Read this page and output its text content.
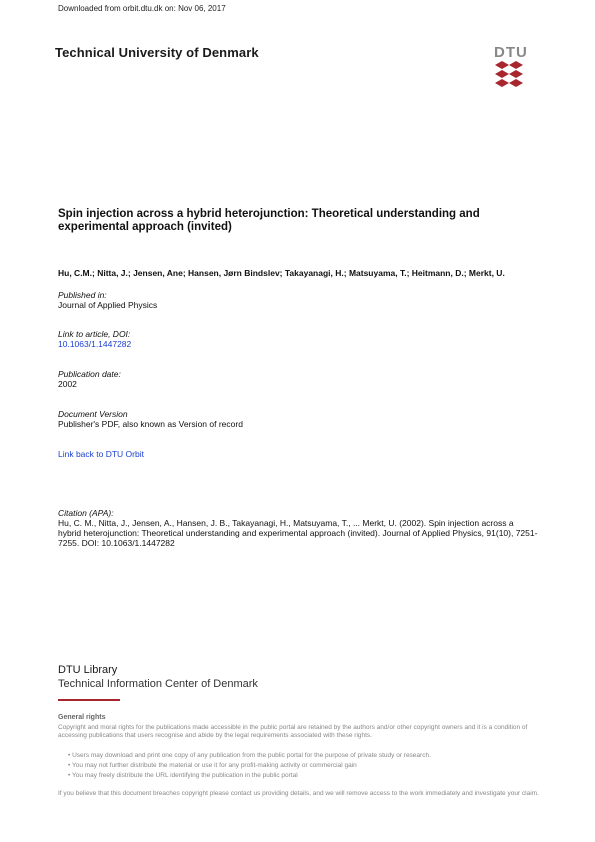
Downloaded from orbit.dtu.dk on: Nov 06, 2017
Technical University of Denmark	DTU
Spin injection across a hybrid heterojunction: Theoretical understanding and experimental approach (invited)
Hu, C.M.; Nitta, J.; Jensen, Ane; Hansen, Jørn Bindslev; Takayanagi, H.; Matsuyama, T.; Heitmann, D.; Merkt, U.
Published in:
Journal of Applied Physics
Link to article, DOI:
10.1063/1.1447282
Publication date:
2002
Document Version
Publisher's PDF, also known as Version of record
Link back to DTU Orbit
Citation (APA):
Hu, C. M., Nitta, J., Jensen, A., Hansen, J. B., Takayanagi, H., Matsuyama, T., ... Merkt, U. (2002). Spin injection across a hybrid heterojunction: Theoretical understanding and experimental approach (invited). Journal of Applied Physics, 91(10), 7251-7255. DOI: 10.1063/1.1447282
DTU Library
Technical Information Center of Denmark
General rights
Copyright and moral rights for the publications made accessible in the public portal are retained by the authors and/or other copyright owners and it is a condition of accessing publications that users recognise and abide by the legal requirements associated with these rights.
• Users may download and print one copy of any publication from the public portal for the purpose of private study or research.
• You may not further distribute the material or use it for any profit-making activity or commercial gain
• You may freely distribute the URL identifying the publication in the public portal
If you believe that this document breaches copyright please contact us providing details, and we will remove access to the work immediately and investigate your claim.
